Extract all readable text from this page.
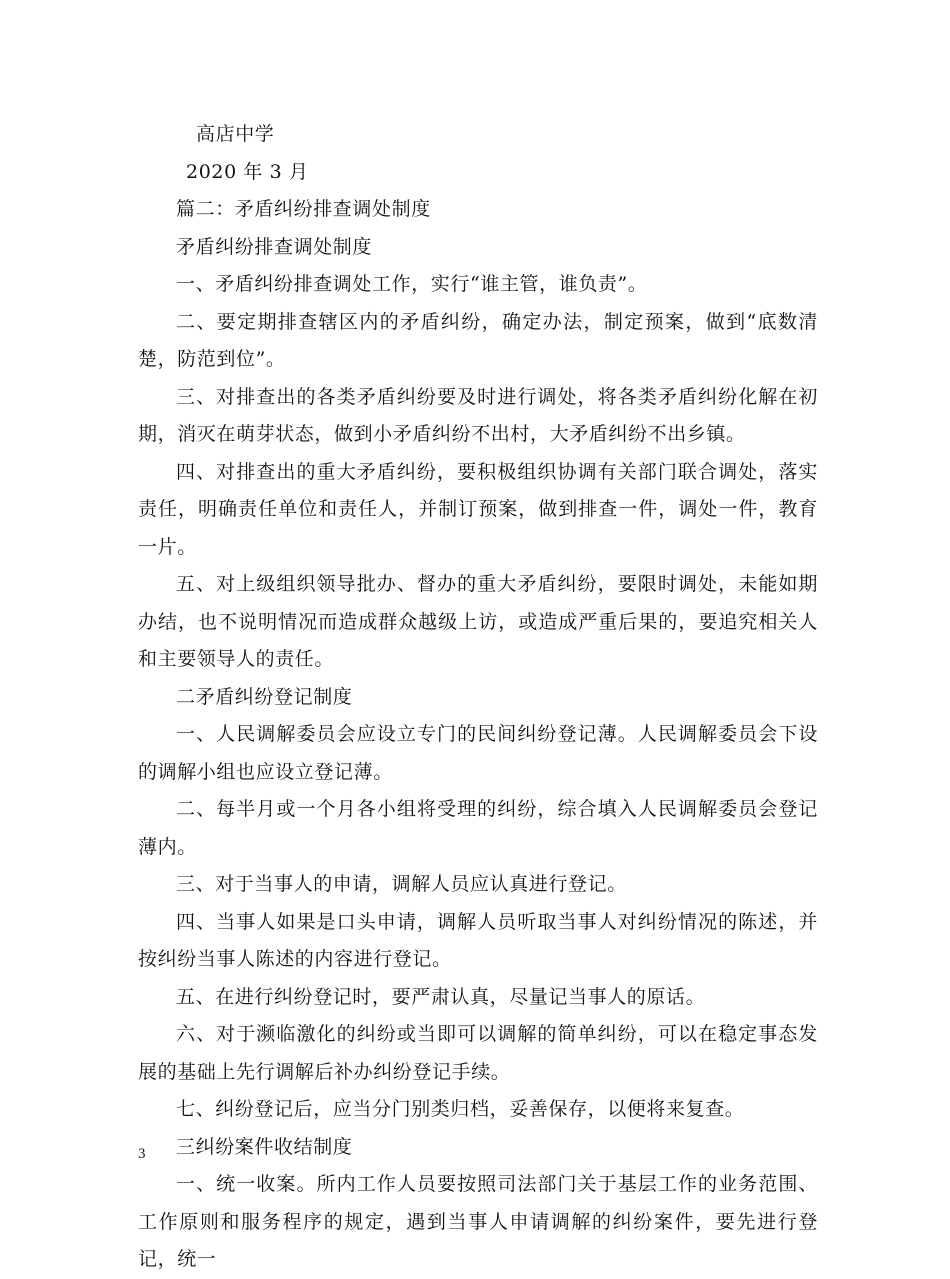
高店中学

2020 年 3 月

篇二：矛盾纠纷排查调处制度

矛盾纠纷排查调处制度

一、矛盾纠纷排查调处工作，实行“谁主管，谁负责”。

二、要定期排查辖区内的矛盾纠纷，确定办法，制定预案，做到“底数清楚，防范到位”。

三、对排查出的各类矛盾纠纷要及时进行调处，将各类矛盾纠纷化解在初期，消灭在萌芽状态，做到小矛盾纠纷不出村，大矛盾纠纷不出乡镇。

四、对排查出的重大矛盾纠纷，要积极组织协调有关部门联合调处，落实责任，明确责任单位和责任人，并制订预案，做到排查一件，调处一件，教育一片。

五、对上级组织领导批办、督办的重大矛盾纠纷，要限时调处，未能如期办结，也不说明情况而造成群众越级上访，或造成严重后果的，要追究相关人和主要领导人的责任。

二矛盾纠纷登记制度

一、人民调解委员会应设立专门的民间纠纷登记薄。人民调解委员会下设的调解小组也应设立登记薄。

二、每半月或一个月各小组将受理的纠纷，综合填入人民调解委员会登记薄内。

三、对于当事人的申请，调解人员应认真进行登记。

四、当事人如果是口头申请，调解人员听取当事人对纠纷情况的陈述，并按纠纷当事人陈述的内容进行登记。

五、在进行纠纷登记时，要严肃认真，尽量记当事人的原话。

六、对于濒临激化的纠纷或当即可以调解的简单纠纷，可以在稳定事态发展的基础上先行调解后补办纠纷登记手续。

七、纠纷登记后，应当分门别类归档，妥善保存，以便将来复查。

三纠纷案件收结制度

一、统一收案。所内工作人员要按照司法部门关于基层工作的业务范围、工作原则和服务程序的规定，遇到当事人申请调解的纠纷案件，要先进行登记，统一

3
